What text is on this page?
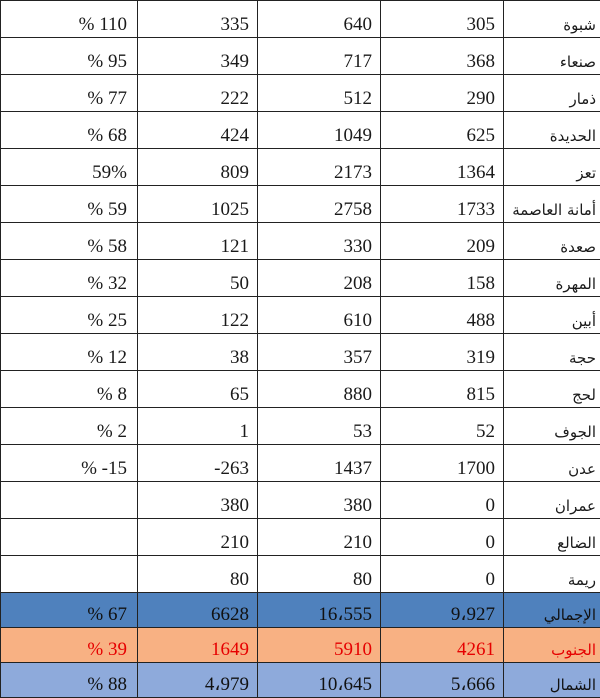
% 110	335	640	305	شبوة
% 95	349	717	368	صنعاء
% 77	222	512	290	ذمار
% 68	424	1049	625	الحديدة
59%	809	2173	1364	تعز
% 59	1025	2758	1733	أمانة العاصمة
% 58	121	330	209	صعدة
% 32	50	208	158	المهرة
% 25	122	610	488	أبين
% 12	38	357	319	حجة
% 8	65	880	815	لحج
% 2	1	53	52	الجوف
% -15	-263	1437	1700	عدن
	380	380	0	عمران
	210	210	0	الضالع
	80	80	0	ريمة
% 67	6628	16،555	9،927	الإجمالي
% 39	1649	5910	4261	الجنوب
% 88	4،979	10،645	5،666	الشمال
